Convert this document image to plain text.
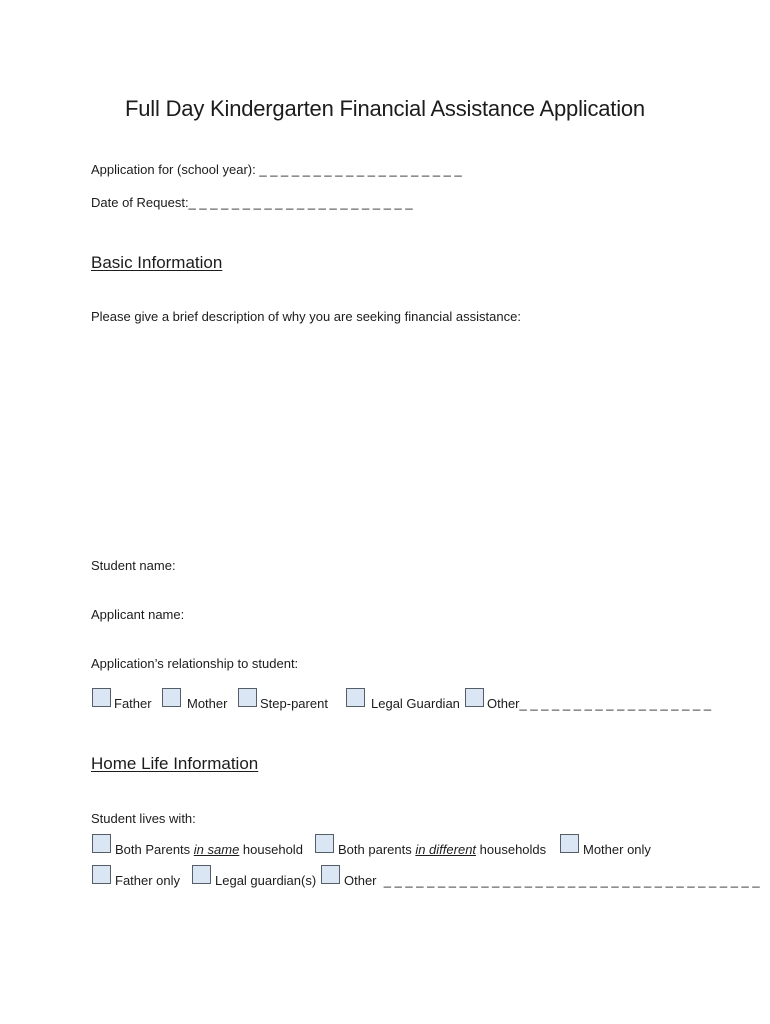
Full Day Kindergarten Financial Assistance Application
Application for (school year): _ _ _ _ _ _ _ _ _ _ _ _ _ _ _ _ _ _ _
Date of Request:_ _ _ _ _ _ _ _ _ _ _ _ _ _ _ _ _ _ _ _ _
Basic Information
Please give a brief description of why you are seeking financial assistance:
Student name:
Applicant name:
Application’s relationship to student:
Father	Mother	Step-parent	Legal Guardian Other_ _ _ _ _ _ _ _ _ _ _ _ _ _ _ _ _ _
Home Life Information
Student lives with:
Both Parents in same household	Both parents in different households	Mother only
Father only	Legal guardian(s) Other _ _ _ _ _ _ _ _ _ _ _ _ _ _ _ _ _ _ _ _ _ _ _ _ _ _ _ _ _ _ _ _ _ _ _
